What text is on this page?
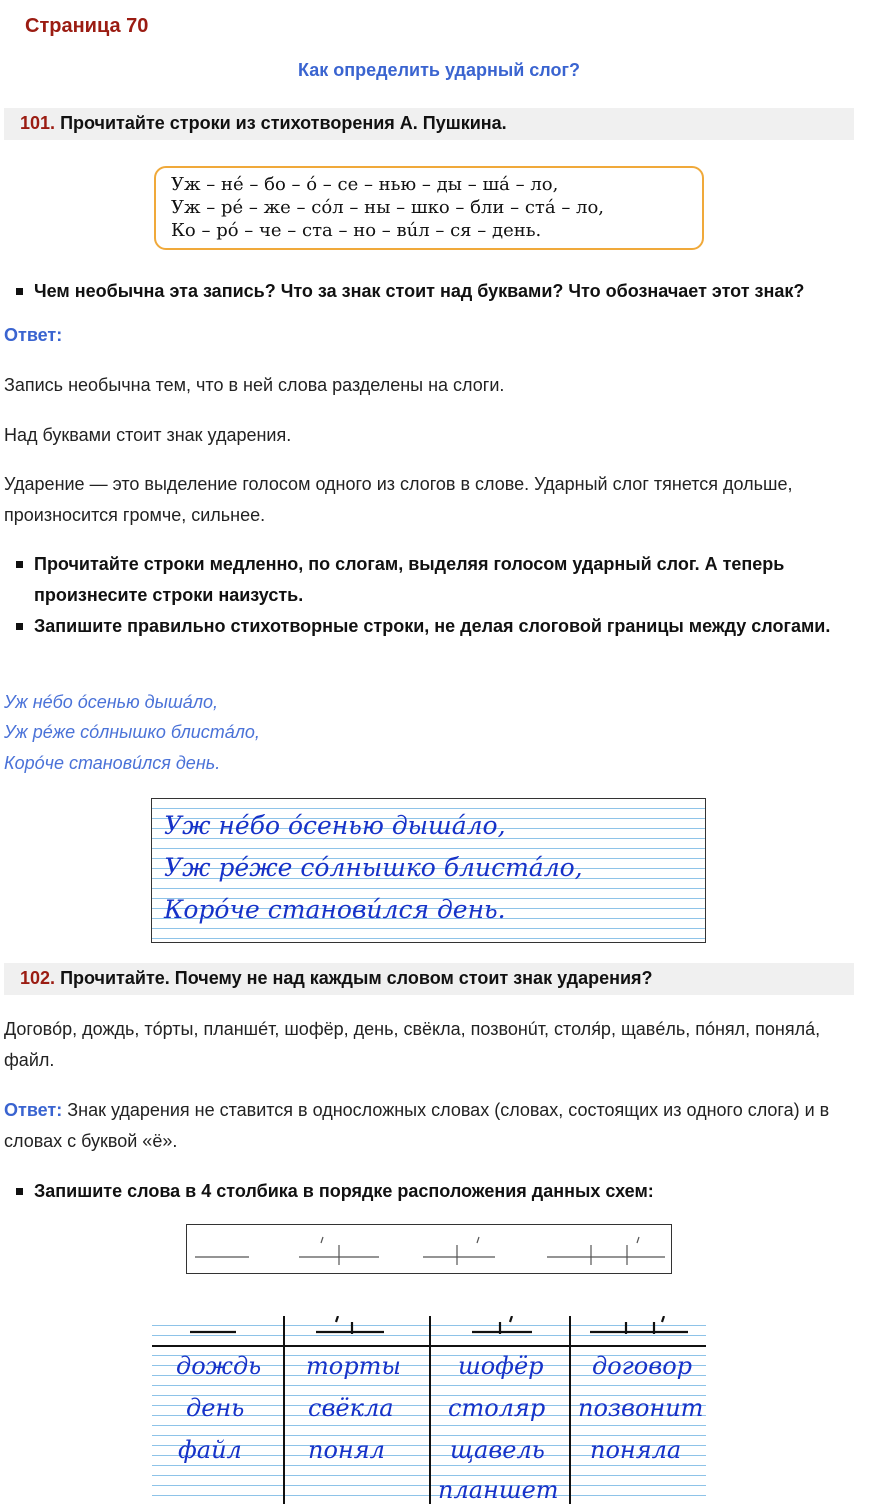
Страница 70
Как определить ударный слог?
101. Прочитайте строки из стихотворения А. Пушкина.
Уж – нé – бо – ó – се – нью – ды – шá – ло,
Уж – рé – же – сóл – ны – шко – бли – стá – ло,
Ко – рó – че – ста – но – вúл – ся – день.
Чем необычна эта запись? Что за знак стоит над буквами? Что обозначает этот знак?
Ответ:
Запись необычна тем, что в ней слова разделены на слоги.
Над буквами стоит знак ударения.
Ударение — это выделение голосом одного из слогов в слове. Ударный слог тянется дольше, произносится громче, сильнее.
Прочитайте строки медленно, по слогам, выделяя голосом ударный слог. А теперь произнесите строки наизусть.
Запишите правильно стихотворные строки, не делая слоговой границы между слогами.
Уж нéбо óсенью дышáло,
Уж рéже сóлнышко блистáло,
Корóче становúлся день.
Уж нéбо óсенью дышáло,
Уж рéже сóлнышко блистáло,
Корóче становúлся день.
102. Прочитайте. Почему не над каждым словом стоит знак ударения?
Договóр, дождь, тóрты, планшéт, шофёр, день, свёкла, позвонúт, столя́р, щавéль, пóнял, понялá, файл.
Ответ: Знак ударения не ставится в односложных словах (словах, состоящих из одного слога) и в словах с буквой «ё».
Запишите слова в 4 столбика в порядке расположения данных схем:
дождь
день
файл
торты
свёкла
понял
шофёр
столяр
щавель
планшет
договор
позвонит
поняла
